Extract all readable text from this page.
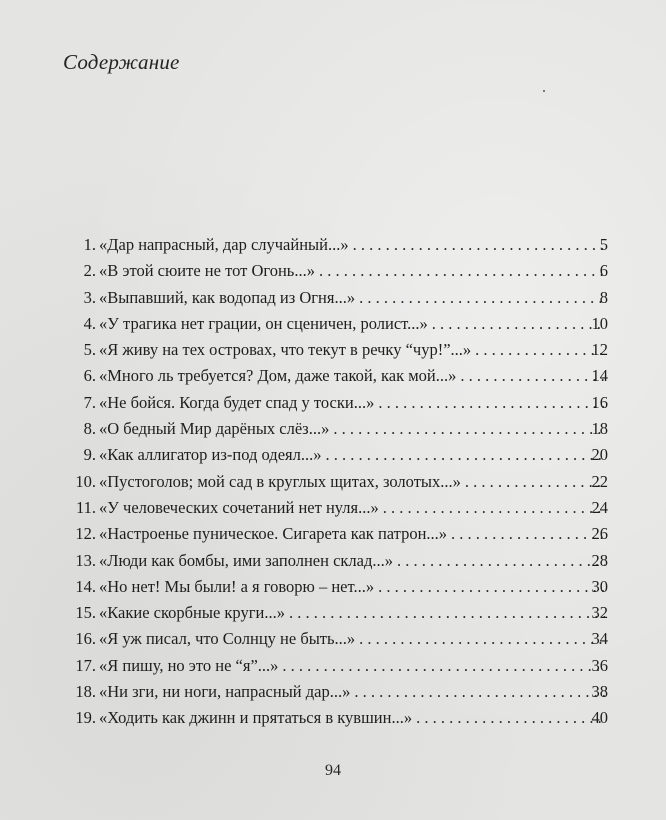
Содержание
1. «Дар напрасный, дар случайный...» . . .	5
2. «В этой сюите не тот Огонь...» . . .	6
3. «Выпавший, как водопад из Огня...» . . .	8
4. «У трагика нет грации, он сценичен, ролист...» . . .	10
5. «Я живу на тех островах, что текут в речку “чур!”...» . . .	12
6. «Много ль требуется? Дом, даже такой, как мой...» . . .	14
7. «Не бойся. Когда будет спад у тоски...» . . .	16
8. «О бедный Мир дарёных слёз...» . . .	18
9. «Как аллигатор из-под одеял...» . . .	20
10. «Пустоголов; мой сад в круглых щитах, золотых...» . . .	22
11. «У человеческих сочетаний нет нуля...» . . .	24
12. «Настроенье пуническое. Сигарета как патрон...» . . .	26
13. «Люди как бомбы, ими заполнен склад...» . . .	28
14. «Но нет! Мы были! а я говорю – нет...» . . .	30
15. «Какие скорбные круги...» . . .	32
16. «Я уж писал, что Солнцу не быть...» . . .	34
17. «Я пишу, но это не “я”...» . . .	36
18. «Ни зги, ни ноги, напрасный дар...» . . .	38
19. «Ходить как джинн и прятаться в кувшин...» . . .	40
94
